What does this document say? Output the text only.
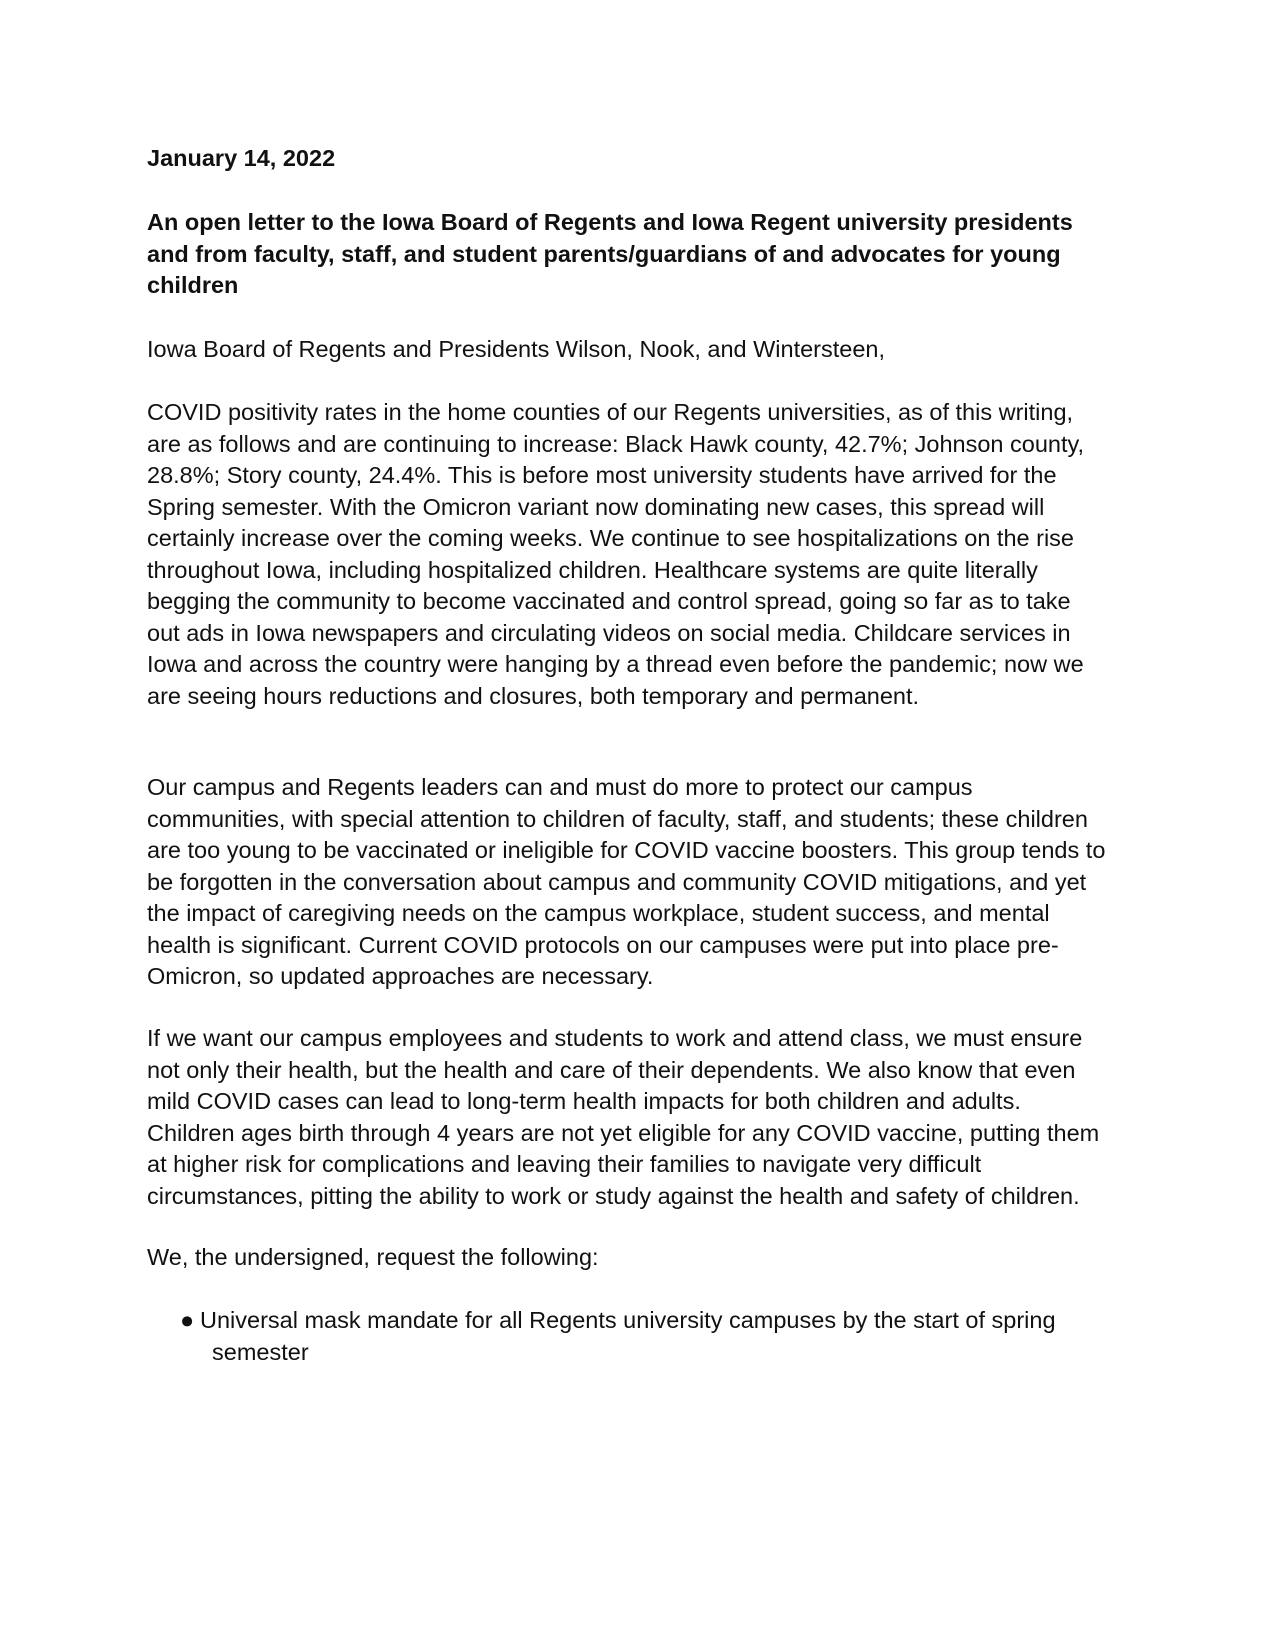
January 14, 2022

An open letter to the Iowa Board of Regents and Iowa Regent university presidents and from faculty, staff, and student parents/guardians of and advocates for young children

Iowa Board of Regents and Presidents Wilson, Nook, and Wintersteen,

COVID positivity rates in the home counties of our Regents universities, as of this writing, are as follows and are continuing to increase: Black Hawk county, 42.7%; Johnson county, 28.8%; Story county, 24.4%. This is before most university students have arrived for the Spring semester. With the Omicron variant now dominating new cases, this spread will certainly increase over the coming weeks. We continue to see hospitalizations on the rise throughout Iowa, including hospitalized children. Healthcare systems are quite literally begging the community to become vaccinated and control spread, going so far as to take out ads in Iowa newspapers and circulating videos on social media. Childcare services in Iowa and across the country were hanging by a thread even before the pandemic; now we are seeing hours reductions and closures, both temporary and permanent.

Our campus and Regents leaders can and must do more to protect our campus communities, with special attention to children of faculty, staff, and students; these children are too young to be vaccinated or ineligible for COVID vaccine boosters. This group tends to be forgotten in the conversation about campus and community COVID mitigations, and yet the impact of caregiving needs on the campus workplace, student success, and mental health is significant. Current COVID protocols on our campuses were put into place pre-Omicron, so updated approaches are necessary.

If we want our campus employees and students to work and attend class, we must ensure not only their health, but the health and care of their dependents. We also know that even mild COVID cases can lead to long-term health impacts for both children and adults. Children ages birth through 4 years are not yet eligible for any COVID vaccine, putting them at higher risk for complications and leaving their families to navigate very difficult circumstances, pitting the ability to work or study against the health and safety of children.

We, the undersigned, request the following:

● Universal mask mandate for all Regents university campuses by the start of spring semester
